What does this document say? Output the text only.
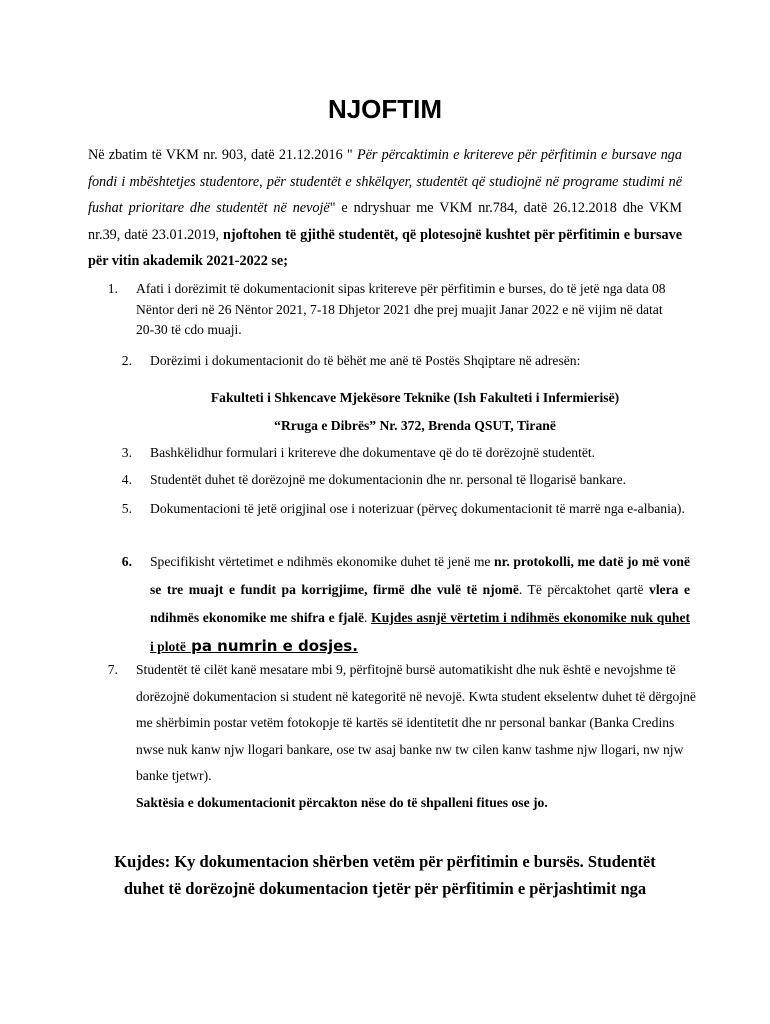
NJOFTIM
Në zbatim të VKM nr. 903, datë 21.12.2016 " Për përcaktimin e kritereve për përfitimin e bursave nga fondi i mbështetjes studentore, për studentët e shkëlqyer, studentët që studiojnë në programe studimi në fushat prioritare dhe studentët në nevojë" e ndryshuar me VKM nr.784, datë 26.12.2018 dhe VKM nr.39, datë 23.01.2019, njoftohen të gjithë studentët, që plotesojnë kushtet për përfitimin e bursave për vitin akademik 2021-2022 se;
1. Afati i dorëzimit të dokumentacionit sipas kritereve për përfitimin e burses, do të jetë nga data 08 Nëntor deri në 26 Nëntor 2021, 7-18 Dhjetor 2021 dhe prej muajit Janar 2022 e në vijim në datat 20-30 të cdo muaji.
2. Dorëzimi i dokumentacionit do të bëhët me anë të Postës Shqiptare në adresën:
Fakulteti i Shkencave Mjekësore Teknike (Ish Fakulteti i Infermierisë)
“Rruga e Dibrës” Nr. 372, Brenda QSUT, Tiranë
3. Bashkëlidhur formulari i kritereve dhe dokumentave që do të dorëzojnë studentët.
4. Studentët duhet të dorëzojnë me dokumentacionin dhe nr. personal të llogarisë bankare.
5. Dokumentacioni të jetë origjinal ose i noterizuar (përveç dokumentacionit të marrë nga e-albania).
6. Specifikisht vërtetimet e ndihmës ekonomike duhet të jenë me nr. protokolli, me datë jo më vonë se tre muajt e fundit pa korrigjime, firmë dhe vulë të njomë. Të përcaktohet qartë vlera e ndihmës ekonomike me shifra e fjalë. Kujdes asnjë vërtetim i ndihmës ekonomike nuk quhet i plotë pa numrin e dosjes.
7. Studentët të cilët kanë mesatare mbi 9, përfitojnë bursë automatikisht dhe nuk është e nevojshme të dorëzojnë dokumentacion si student në kategoritë në nevojë. Kwta student ekselentw duhet të dërgojnë me shërbimin postar vetëm fotokopje të kartës së identitetit dhe nr personal bankar (Banka Credins nwse nuk kanw njw llogari bankare, ose tw asaj banke nw tw cilen kanw tashme njw llogari, nw njw banke tjetwr).
Saktësia e dokumentacionit përcakton nëse do të shpalleni fitues ose jo.
Kujdes: Ky dokumentacion shërben vetëm për përfitimin e bursës. Studentët
duhet të dorëzojnë dokumentacion tjetër për përfitimin e përjashtimit nga
